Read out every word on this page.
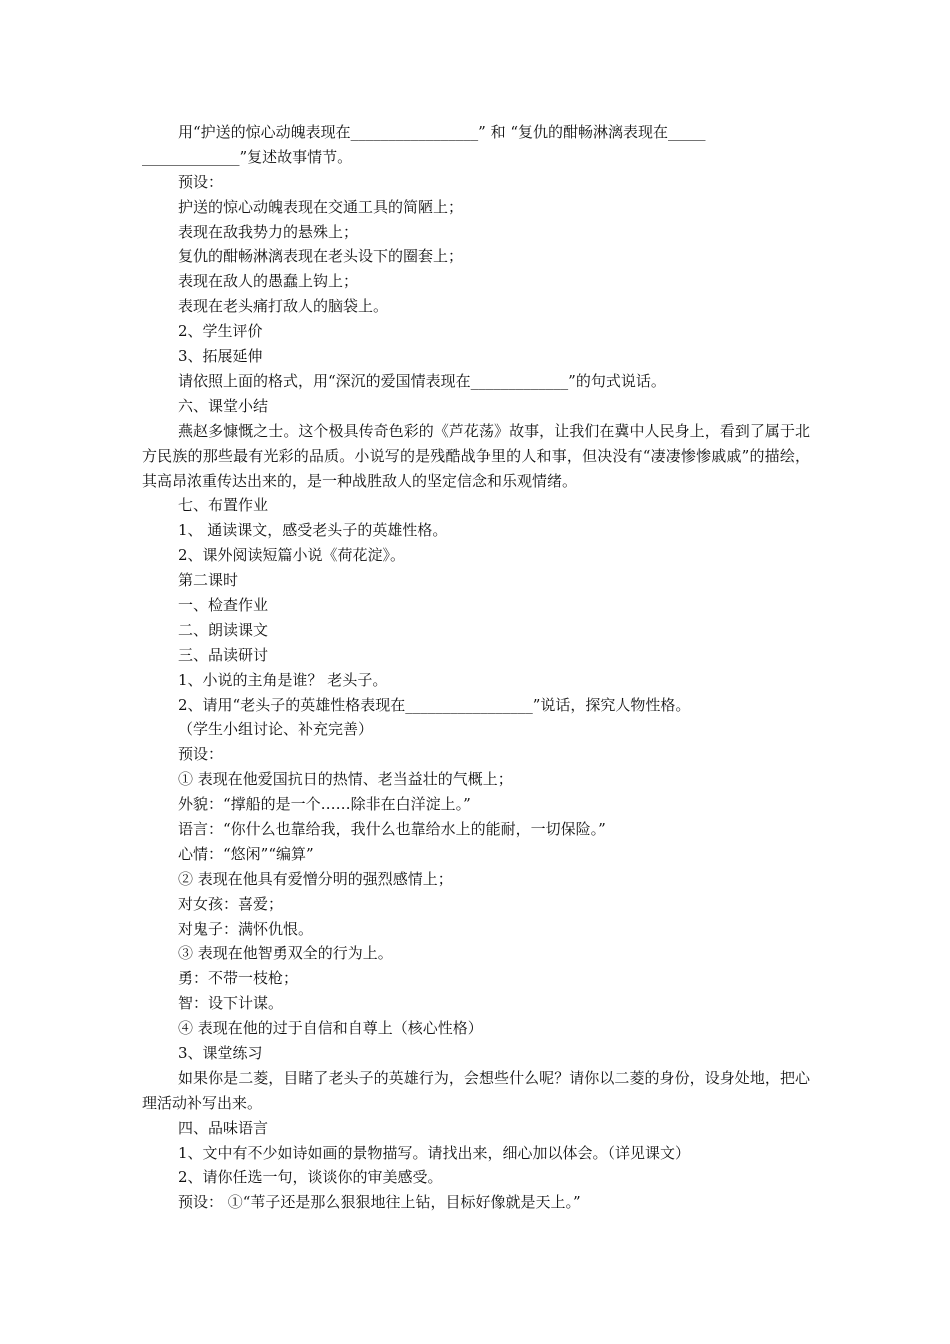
用“护送的惊心动魄表现在_________________” 和 “复仇的酣畅淋漓表现在_____
_____________”复述故事情节。
预设：
护送的惊心动魄表现在交通工具的简陋上；
表现在敌我势力的悬殊上；
复仇的酣畅淋漓表现在老头设下的圈套上；
表现在敌人的愚蠢上钩上；
表现在老头痛打敌人的脑袋上。
2、学生评价
3、拓展延伸
请依照上面的格式，用“深沉的爱国情表现在_____________”的句式说话。
六、课堂小结
燕赵多慷慨之士。这个极具传奇色彩的《芦花荡》故事，让我们在冀中人民身上，看到了属于北方民族的那些最有光彩的品质。小说写的是残酷战争里的人和事，但决没有“凄凄惨惨戚戚”的描绘，其高昂浓重传达出来的，是一种战胜敌人的坚定信念和乐观情绪。
七、布置作业
1、 通读课文，感受老头子的英雄性格。
2、课外阅读短篇小说《荷花淀》。
第二课时
一、检查作业
二、朗读课文
三、品读研讨
1、小说的主角是谁？ 老头子。
2、请用“老头子的英雄性格表现在_________________”说话，探究人物性格。
（学生小组讨论、补充完善）
预设：
① 表现在他爱国抗日的热情、老当益壮的气概上；
外貌：“撑船的是一个……除非在白洋淀上。”
语言：“你什么也靠给我，我什么也靠给水上的能耐，一切保险。”
心情：“悠闲”“编算”
② 表现在他具有爱憎分明的强烈感情上；
对女孩：喜爱；
对鬼子：满怀仇恨。
③ 表现在他智勇双全的行为上。
勇：不带一枝枪；
智：设下计谋。
④ 表现在他的过于自信和自尊上（核心性格）
3、课堂练习
如果你是二菱，目睹了老头子的英雄行为，会想些什么呢？请你以二菱的身份，设身处地，把心理活动补写出来。
四、品味语言
1、文中有不少如诗如画的景物描写。请找出来，细心加以体会。（详见课文）
2、请你任选一句，谈谈你的审美感受。
预设： ①“苇子还是那么狠狠地往上钻，目标好像就是天上。”
